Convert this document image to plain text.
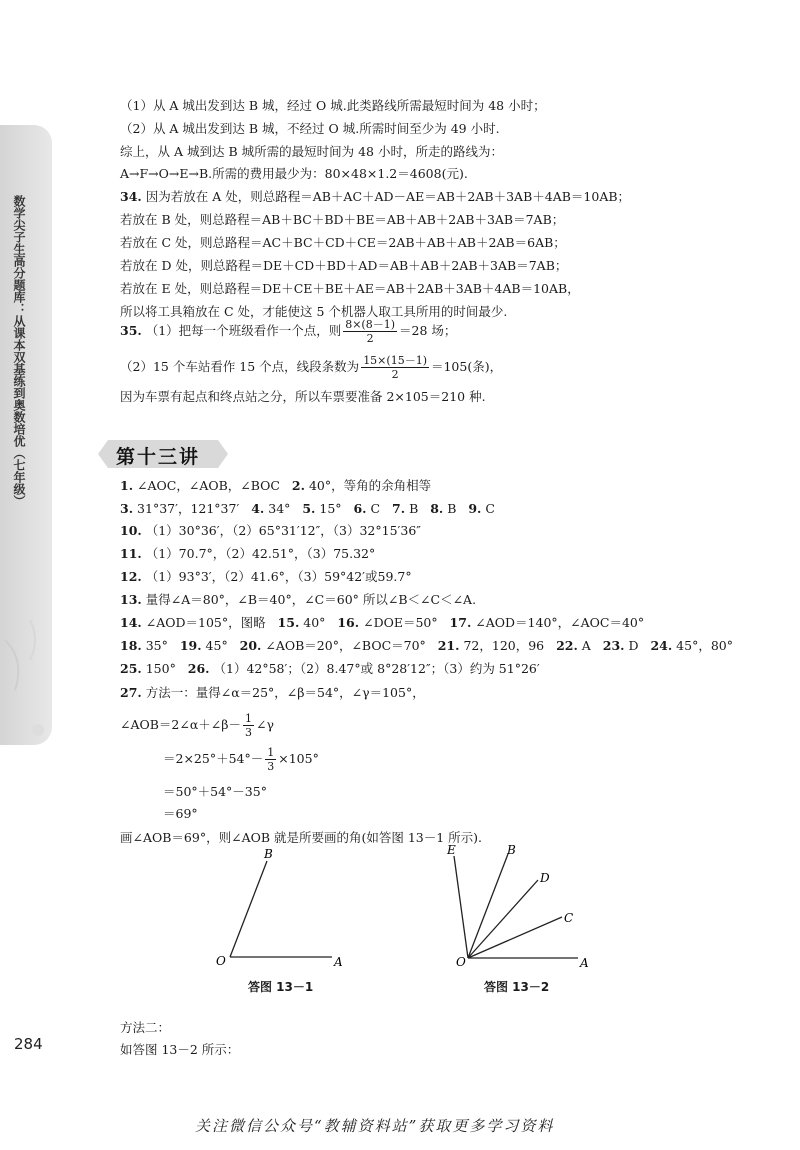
数学尖子生高分题库：从课本双基练到奥数培优（七年级）
284
（1）从 A 城出发到达 B 城，经过 O 城.此类路线所需最短时间为 48 小时；
（2）从 A 城出发到达 B 城，不经过 O 城.所需时间至少为 49 小时.
综上，从 A 城到达 B 城所需的最短时间为 48 小时，所走的路线为：
A→F→O→E→B.所需的费用最少为：80×48×1.2＝4608(元).
34. 因为若放在 A 处，则总路程＝AB＋AC＋AD－AE＝AB＋2AB＋3AB＋4AB＝10AB；
若放在 B 处，则总路程＝AB＋BC＋BD＋BE＝AB＋AB＋2AB＋3AB＝7AB；
若放在 C 处，则总路程＝AC＋BC＋CD＋CE＝2AB＋AB＋AB＋2AB＝6AB；
若放在 D 处，则总路程＝DE＋CD＋BD＋AD＝AB＋AB＋2AB＋3AB＝7AB；
若放在 E 处，则总路程＝DE＋CE＋BE＋AE＝AB＋2AB＋3AB＋4AB＝10AB，
所以将工具箱放在 C 处，才能使这 5 个机器人取工具所用的时间最少.
35. （1）把每一个班级看作一个点，则 $\frac{8\times(8-1)}{2} =28$ 场；
（2）15 个车站看作 15 个点，线段条数为 $\frac{15\times(15-1)}{2} =105$(条)，
因为车票有起点和终点站之分，所以车票要准备 2×105＝210 种.
第十三讲
1. ∠AOC，∠AOB，∠BOC 2. 40°，等角的余角相等
3. 31°37′，121°37′ 4. 34° 5. 15° 6. C 7. B 8. B 9. C
10. （1）30°36′，（2）65°31′12″，（3）32°15′36″
11. （1）70.7°，（2）42.51°，（3）75.32°
12. （1）93°3′，（2）41.6°，（3）59°42′或59.7°
13. 量得∠A＝80°，∠B＝40°，∠C＝60° 所以∠B＜∠C＜∠A.
14. ∠AOD＝105°，图略 15. 40° 16. ∠DOE＝50° 17. ∠AOD＝140°，∠AOC＝40°
18. 35° 19. 45° 20. ∠AOB＝20°，∠BOC＝70° 21. 72，120，96 22. A 23. D 24. 45°，80°
25. 150° 26. （1）42°58′；（2）8.47°或 8°28′12″；（3）约为 51°26′
27. 方法一：量得∠α＝25°，∠β＝54°，∠γ＝105°，
∠AOB＝2∠α＋∠β－ $\frac{1}{3}$ ∠γ
$=2\times 25^\circ+54^\circ- \frac{1}{3} \times 105^\circ$
＝50°＋54°－35°
＝69°
画∠AOB＝69°，则∠AOB 就是所要画的角(如答图 13－1 所示).
O	A
B
答图 13－1
O	A
C
D
B
E
答图 13－2
方法二：
如答图 13－2 所示：
关注微信公众号“教辅资料站”获取更多学习资料
